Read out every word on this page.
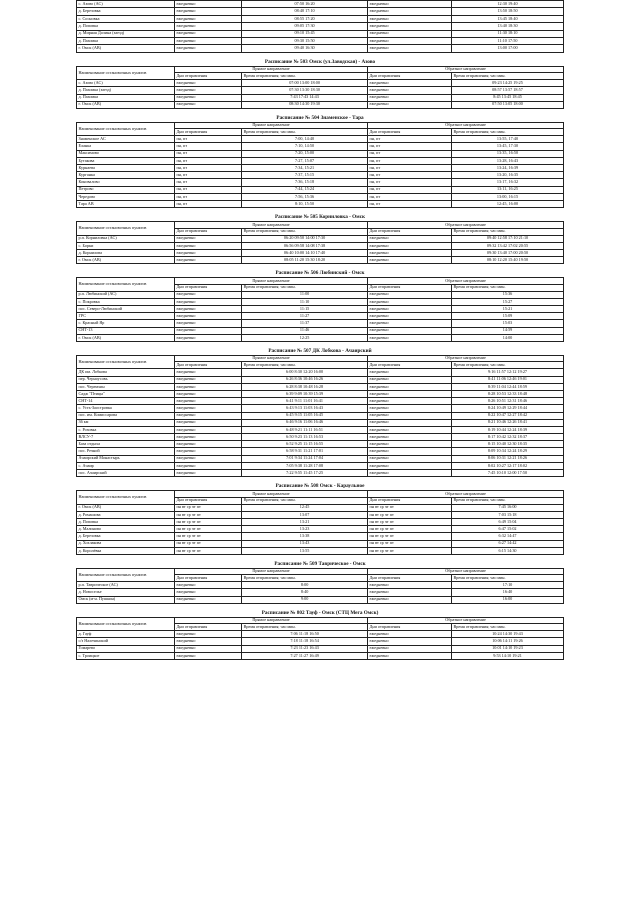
с. Азово (АС)	ежедневно	07:50 16:20	ежедневно	12:30 19:40
д. Березовка	ежедневно	08:40 17:10	ежедневно	13:50 18:50
с. Сосновка	ежедневно	08:55 17:20	ежедневно	13:45 18:40
д. Поповка	ежедневно	09:05 17:30	ежедневно	13:40 18:30
д. Мирная Долина (заезд)	ежедневно	09:10 15:45	ежедневно	11:30 18:10
д. Пахомка	ежедневно	09:30 15:50	ежедневно	11:10 17:50
г. Омск (АВ)	ежедневно	09:40 16:30	ежедневно	13:00 17:00
Расписание № 503 Омск (ул.Заводская) - Азово
Наименование остановочных пунктов	Прямое направление		Обратное направление	
	Дни отправления	Время отправления; час:мин.	Дни отправления	Время отправления; час:мин.
с. Азово (АС)	ежедневно	07:00 13:00 18:00	ежедневно	09:23 14:25 19:25
д. Пахомка (заезд)	ежедневно	07:30 13:30 18:30	ежедневно	08:57 13:57 18:57
д. Пахомка	ежедневно	7:43 17:43 14:43	ежедневно	8:45 13:45 18:45
г. Омск (АВ)	ежедневно	08:30 14:30 19:30	ежедневно	07:50 13:05 18:00
Расписание № 504 Знаменское - Тара
Наименование остановочных пунктов	Прямое направление		Обратное направление	
	Дни отправления	Время отправления; час:мин.	Дни отправления	Время отправления; час:мин.
Знаменское АС	пн, пт	7:00, 14:40	пн, пт	13:55, 17:40
Еланка	пн, пт	7:10, 14:50	пн, пт	13:45, 17:30
Максимово	пн, пт	7:20, 15:00	пн, пт	13:35, 16:50
Бутакова	пн, пт	7:27, 15:07	пн, пт	13:28, 16:43
Курнаева	пн, пт	7:34, 15:21	пн, пт	13:24, 16:39
Курганка	пн, пт	7:37, 15:15	пн, пт	13:20, 16:35
Коновалово	пн, пт	7:36, 15:18	пн, пт	13:17, 16:32
Петрово	пн, пт	7:44, 15:24	пн, пт	13:11, 16:25
Чередово	пн, пт	7:56, 15:36	пн, пт	13:00, 16:15
Тара АВ	пн, пт	8:10, 15:50	пн, пт	12:45, 16:00
Расписание № 505 Корниловка - Омск
Наименование остановочных пунктов	Прямое направление		Обратное направление	
	Дни отправления	Время отправления; час:мин.	Дни отправления	Время отправления; час:мин.
р.п. Корниловка (АС)	ежедневно	06:20 09:50 14:00 17:30	ежедневно	09:40 12:58 17:10 21:10
с. Борки	ежедневно	06:56 09:58 14:08 17:38	ежедневно	09:32 13:42 17:02 20:55
д. Корнилова	ежедневно	06:40 10:00 14:10 17:40	ежедневно	09:30 13:40 17:00 20:50
г. Омск (АВ)	ежедневно	08:05 11:20 15:30 18:20	ежедневно	08:10 12:20 15:40 19:50
Расписание № 506 Любинский - Омск
Наименование остановочных пунктов	Прямое направление		Обратное направление	
	Дни отправления	Время отправления; час:мин.	Дни отправления	Время отправления; час:мин.
р.п. Любинский (АС)	ежедневно	11:00	ежедневно	15:36
с. Покровка	ежедневно	11:10	ежедневно	15:27
пос. Северо-Любинский	ежедневно	11:15	ежедневно	15:21
ГРС	ежедневно	11:27	ежедневно	15:09
с. Красный Яр	ежедневно	11:37	ежедневно	15:03
СНТ-13	ежедневно	11:46	ежедневно	14:59
г. Омск (АВ)	ежедневно	12:25	ежедневно	14:00
Расписание № 507 ДК Лобкова - Ачаирский
Наименование остановочных пунктов	Прямое направление		Обратное направление	
	Дни отправления	Время отправления; час:мин.	Дни отправления	Время отправления; час:мин.
ДК им. Лобкова	ежедневно	6:00 8:30 12:20 16:00	ежедневно	9:16 11:57 12:12 19:27
пер. Черноусовь	ежедневно	6:26 8:36 10:46 16:26	ежедневно	8:41 11:06 12:46 19:01
пос. Черемхин	ежедневно	6:28 8:38 10:48 16:28	ежедневно	8:39 11:04 12:44 18:59
Садж "Птицы"	ежедневно	6:39 9:09 10:39 15:39	ежедневно	8:28 10:53 12:33 18:48
СНТ-14	ежедневно	6:41 9:11 11:01 16:41	ежедневно	8:26 10:51 12:31 18:46
с. Усть-Заостровка	ежедневно	6:43 9:13 11:03 16:43	ежедневно	8:24 10:49 12:29 18:44
пос. им. Комиссарова	ежедневно	6:45 9:15 11:05 16:45	ежедневно	8:22 10:47 12:27 18:42
36 км	ежедневно	6:46 9:16 11:06 16:46	ежедневно	8:21 10:46 12:26 18:41
с. Розовка	ежедневно	6:48 9:21 11:11 16:51	ежедневно	8:19 10:44 12:24 18:39
ВЛСУ-7	ежедневно	6:50 9:23 11:13 16:53	ежедневно	8:17 10:42 12:32 18:37
База отдыха	ежедневно	6:52 9:25 11:15 16:55	ежедневно	8:15 10:40 12:30 18:35
пос. Речной	ежедневно	6:58 9:31 11:21 17:01	ежедневно	8:09 10:34 12:24 18:29
Ачаирский Монастырь	ежедневно	7:01 9:34 11:24 17:04	ежедневно	8:06 10:31 12:21 18:26
с. Ачаир	ежедневно	7:05 9:38 11:28 17:08	ежедневно	8:02 10:27 12:17 18:02
пос. Ачаирский	ежедневно	7:22 9:55 11:45 17:25	ежедневно	7:45 10:10 12:00 17:50
Расписание № 508 Омск - Караульное
Наименование остановочных пунктов	Прямое направление		Обратное направление	
	Дни отправления	Время отправления; час:мин.	Дни отправления	Время отправления; час:мин.
г. Омск (АВ)	пн вт ср чт пт	12:45	пн вт ср чт пт	7:45 16:00
д. Ромашова	пн вт ср чт пт	13:07	пн вт ср чт пт	7:03 15:18
д. Поповка	пн вт ср чт пт	13:21	пн вт ср чт пт	6:49 15:04
д. Малиново	пн вт ср чт пт	13:23	пн вт ср чт пт	6:47 15:02
д. Березовка	пн вт ср чт пт	13:38	пн вт ср чт пт	6:32 14:47
д. Хохлакова	пн вт ср чт пт	13:43	пн вт ср чт пт	6:27 14:42
д. Королёвка	пн вт ср чт пт	13:55	пн вт ср чт пт	6:15 14:30
Расписание № 509 Таврическое - Омск
Наименование остановочных пунктов	Прямое направление		Обратное направление	
	Дни отправления	Время отправления; час:мин.	Дни отправления	Время отправления; час:мин.
р.п. Таврическое (АС)	ежедневно	8:00	ежедневно	17:10
д. Новоселье	ежедневно	8:40	ежедневно	16:40
Омск (м-н. Пушкин)	ежедневно	9:00	ежедневно	16:00
Расписание № 802 Тауф - Омск (СТЦ Мега Омск)
Наименование остановочных пунктов	Прямое направление		Обратное направление	
	Дни отправления	Время отправления; час:мин.	Дни отправления	Время отправления; час:мин.
д. Гауф	ежедневно	7:06 11:18 16:50	ежедневно	10:24 14:30 19:43
с/з Налечинский	ежедневно	7:18 11:18 16:54	ежедневно	10:06 14:11 19:26
Гомарево	ежедневно	7:23 11:23 16:43	ежедневно	10:01 14:10 19:23
с. Троицкое	ежедневно	7:27 11:27 16:49	ежедневно	9:53 14:10 19:21
